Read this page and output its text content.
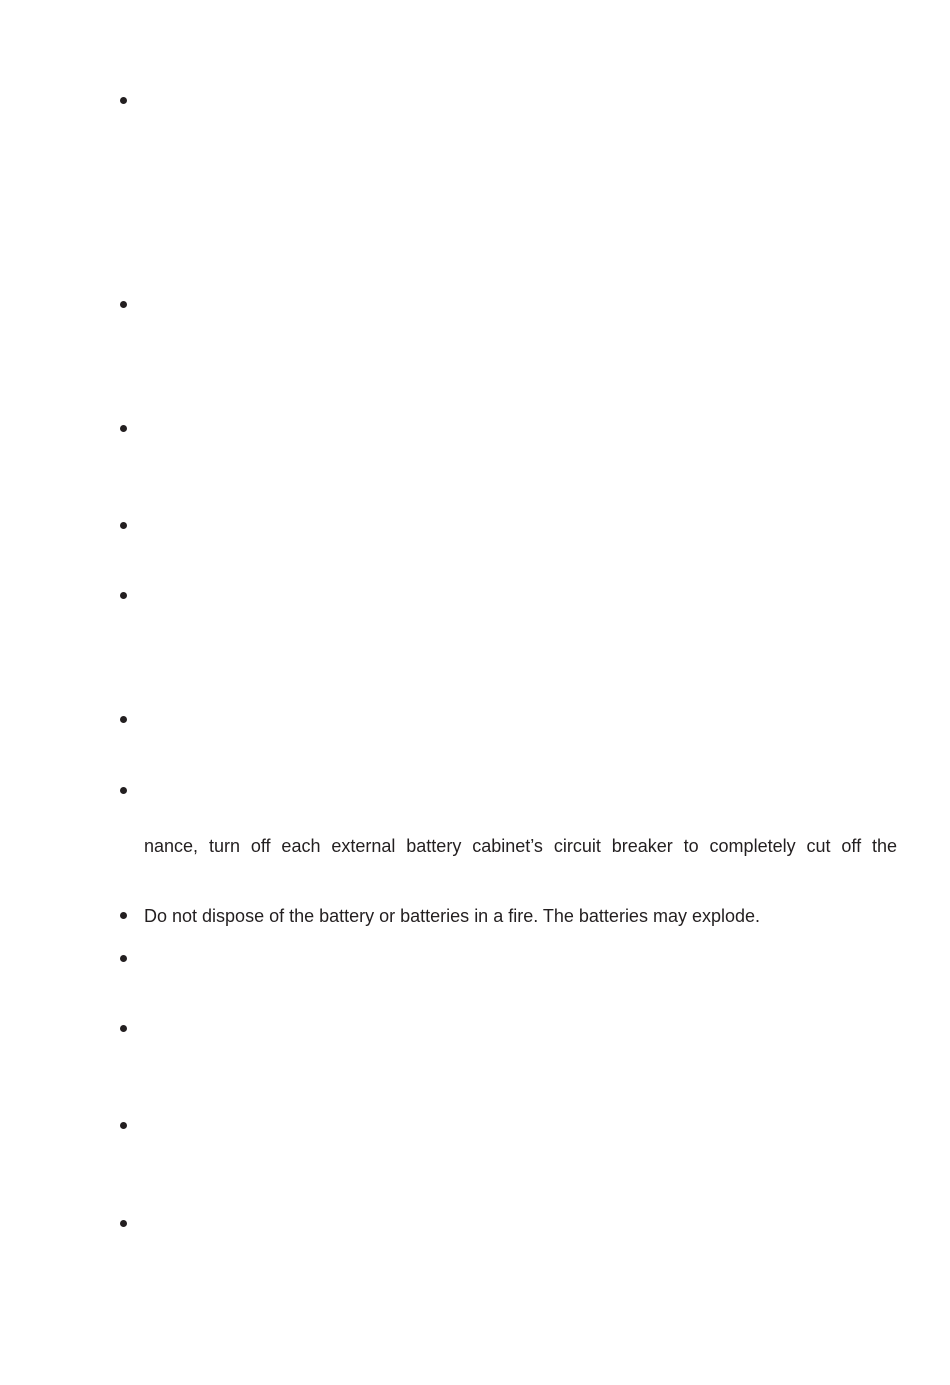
nance, turn off each external battery cabinet’s circuit breaker to completely cut off the
Do not dispose of the battery or batteries in a fire. The batteries may explode.
